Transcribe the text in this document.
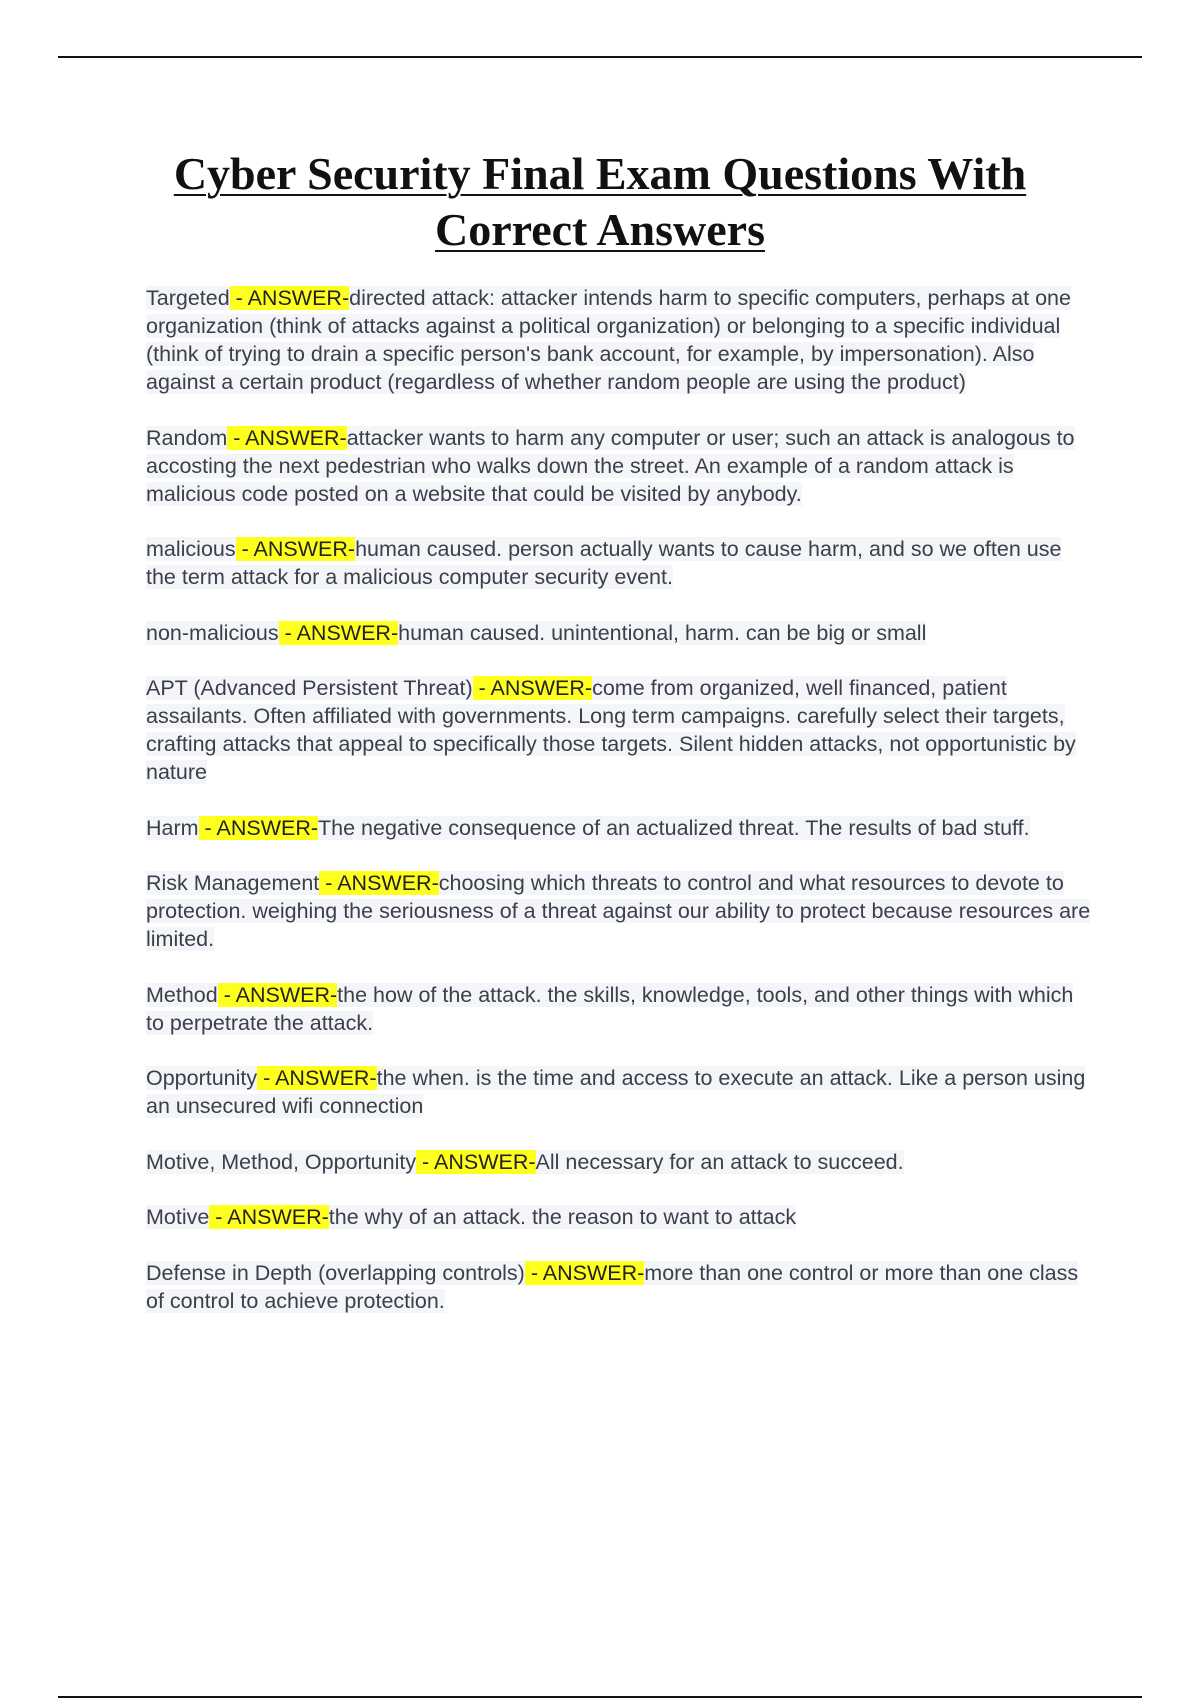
Cyber Security Final Exam Questions With
Correct Answers

Targeted - ANSWER-directed attack: attacker intends harm to specific computers, perhaps at one organization (think of attacks against a political organization) or belonging to a specific individual (think of trying to drain a specific person's bank account, for example, by impersonation). Also against a certain product (regardless of whether random people are using the product)

Random - ANSWER-attacker wants to harm any computer or user; such an attack is analogous to accosting the next pedestrian who walks down the street. An example of a random attack is malicious code posted on a website that could be visited by anybody.

malicious - ANSWER-human caused. person actually wants to cause harm, and so we often use the term attack for a malicious computer security event.

non-malicious - ANSWER-human caused. unintentional, harm. can be big or small

APT (Advanced Persistent Threat) - ANSWER-come from organized, well financed, patient assailants. Often affiliated with governments. Long term campaigns. carefully select their targets, crafting attacks that appeal to specifically those targets. Silent hidden attacks, not opportunistic by nature

Harm - ANSWER-The negative consequence of an actualized threat. The results of bad stuff.

Risk Management - ANSWER-choosing which threats to control and what resources to devote to protection. weighing the seriousness of a threat against our ability to protect because resources are limited.

Method - ANSWER-the how of the attack. the skills, knowledge, tools, and other things with which to perpetrate the attack.

Opportunity - ANSWER-the when. is the time and access to execute an attack. Like a person using an unsecured wifi connection

Motive, Method, Opportunity - ANSWER-All necessary for an attack to succeed.

Motive - ANSWER-the why of an attack. the reason to want to attack

Defense in Depth (overlapping controls) - ANSWER-more than one control or more than one class of control to achieve protection.
